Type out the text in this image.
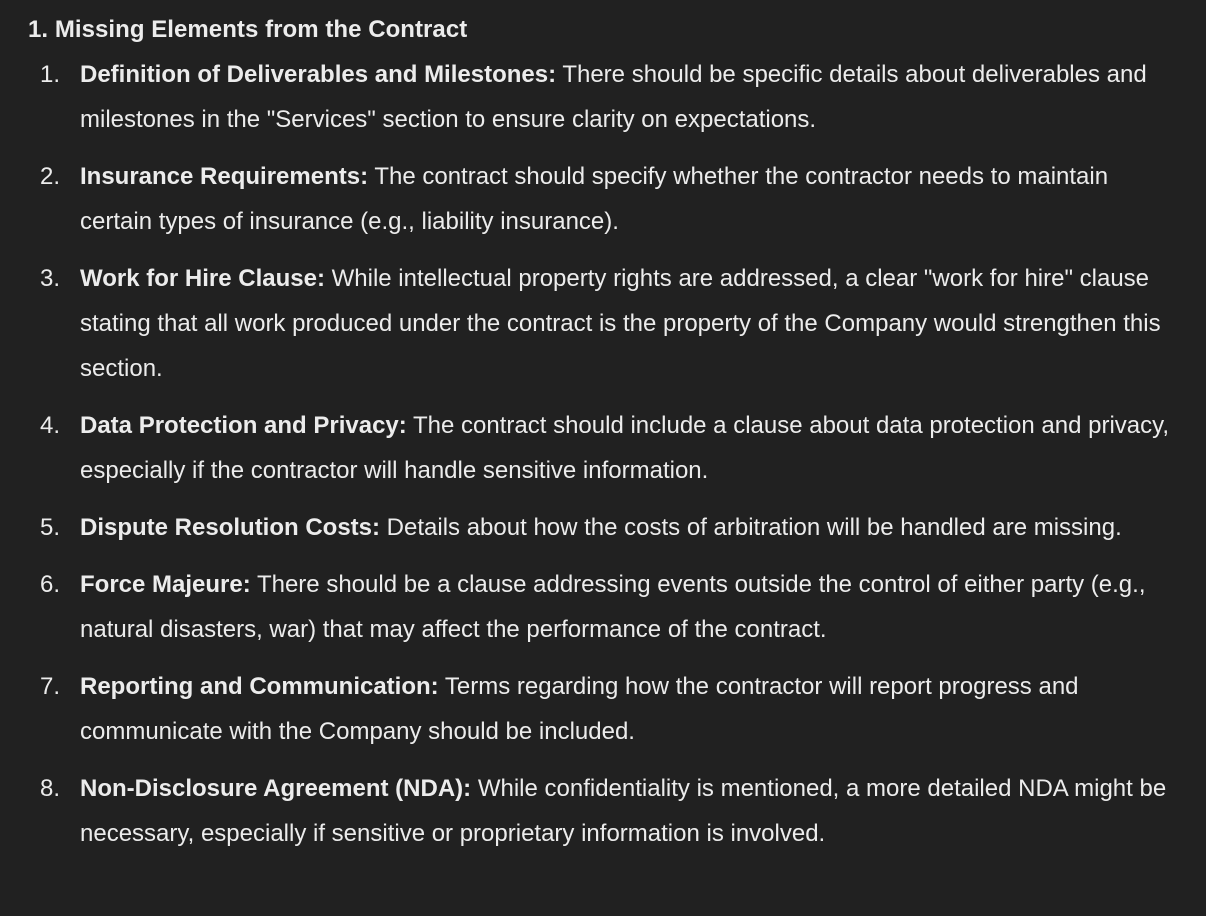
1. Missing Elements from the Contract
1. Definition of Deliverables and Milestones: There should be specific details about deliverables and milestones in the "Services" section to ensure clarity on expectations.
2. Insurance Requirements: The contract should specify whether the contractor needs to maintain certain types of insurance (e.g., liability insurance).
3. Work for Hire Clause: While intellectual property rights are addressed, a clear "work for hire" clause stating that all work produced under the contract is the property of the Company would strengthen this section.
4. Data Protection and Privacy: The contract should include a clause about data protection and privacy, especially if the contractor will handle sensitive information.
5. Dispute Resolution Costs: Details about how the costs of arbitration will be handled are missing.
6. Force Majeure: There should be a clause addressing events outside the control of either party (e.g., natural disasters, war) that may affect the performance of the contract.
7. Reporting and Communication: Terms regarding how the contractor will report progress and communicate with the Company should be included.
8. Non-Disclosure Agreement (NDA): While confidentiality is mentioned, a more detailed NDA might be necessary, especially if sensitive or proprietary information is involved.
